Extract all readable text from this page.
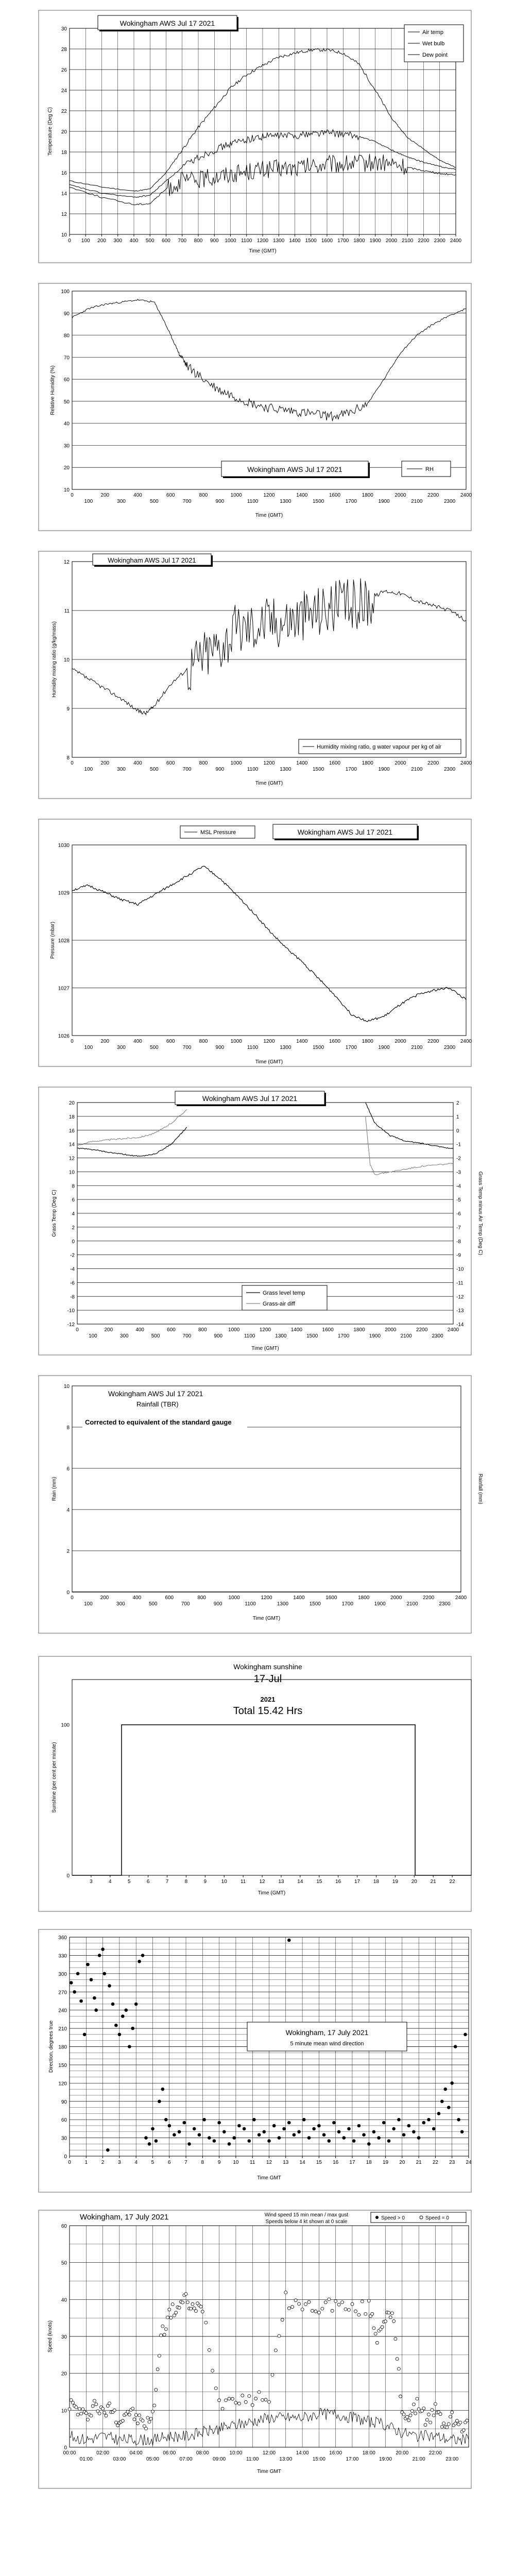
10
12
14
16
18
20
22
24
26
28
30
0 100 200 300 400 500 600 700 800 900 1000 1100 1200 1300 1400 1500 1600 1700 1800 1900 2000 2100 2200 2300 2400
Time (GMT)
Temperature (Deg C)
Wokingham AWS Jul 17 2021
Air temp
Wet bulb
Dew point
10
20
30
40
50
60
70
80
90
100
0	200	400	600	800	1000	1200	1400	1600	1800	2000	2200	2400
100	300	500	700	900	1100	1300	1500	1700	1900	2100	2300
Time (GMT)
Relative Humidity (%)
Wokingham AWS Jul 17 2021	RH
8
9
10
11
12
0	200	400	600	800	1000	1200	1400	1600	1800	2000	2200	2400
100	300	500	700	900	1100	1300	1500	1700	1900	2100	2300
Time (GMT)
Humidity mixing ratio (g/kg/mass)
Wokingham AWS Jul 17 2021
Humidity mixing ratio, g water vapour per kg of air
1026
1027
1028
1029
1030
0	200	400	600	800	1000	1200	1400	1600	1800	2000	2200	2400
100	300	500	700	900	1100	1300	1500	1700	1900	2100	2300
Time (GMT)
Pressure (mbar)
Wokingham AWS Jul 17 2021
MSL Pressure
20
18
16
14
12
10
8
6
4
2
0
-2
-4
-6
-8
-10
-12
0	200	400	600	800	1000	1200	1400	1600	1800	2000	2200	2400
100	300	500	700	900	1100	1300	1500	1700	1900	2100	2300
Time (GMT)
Grass Temp (Deg C)
2
1
0
-1
-2
-3
-4
-5
-6
-7
-8
-9
-10
-11
-12
-13
-14
Grass Temp minus Air Temp (Deg C)
Wokingham AWS Jul 17 2021
Grass level temp
Grass-air diff
0
2
4
6
8
10
0	200	400	600	800	1000	1200	1400	1600	1800	2000	2200	2400
100	300	500	700	900	1100	1300	1500	1700	1900	2100	2300
Time (GMT)
Rain (mm)	Rainfall (mm)
Wokingham AWS Jul 17 2021
Rainfall (TBR)
Corrected to equivalent of the standard gauge
0
100
3	4	5	6	7	8	9	10	11	12	13	14	15	16	17	18	19	20	21	22
Time (GMT)
Sunshine (per cent per minute)
Wokingham sunshine
17-Jul
2021
Total 15.42 Hrs
0
30
60
90
120
150
180
210
240
270
300
330
360
0	1	2	3	4	5	6	7	8	9 10 11 12 13 14 15 16 17 18 19 20 21 22 23 24
Time GMT
Direction, degrees true	Wokingham, 17 July 2021
5 minute mean wind direction
0
10
20
30
40
50
60
00:00	02:00	04:00	06:00	08:00	10:00	12:00	14:00	16:00	18:00	20:00	22:00
01:00	03:00	05:00	07:00	09:00	11:00	13:00	15:00	17:00	19:00	21:00	23:00
Time GMT
Speed (knots)
Wokingham, 17 July 2021	Wind speed 15 min mean / max gust
Speeds below 4 kt shown at 0 scale
Speed > 0	Speed = 0
